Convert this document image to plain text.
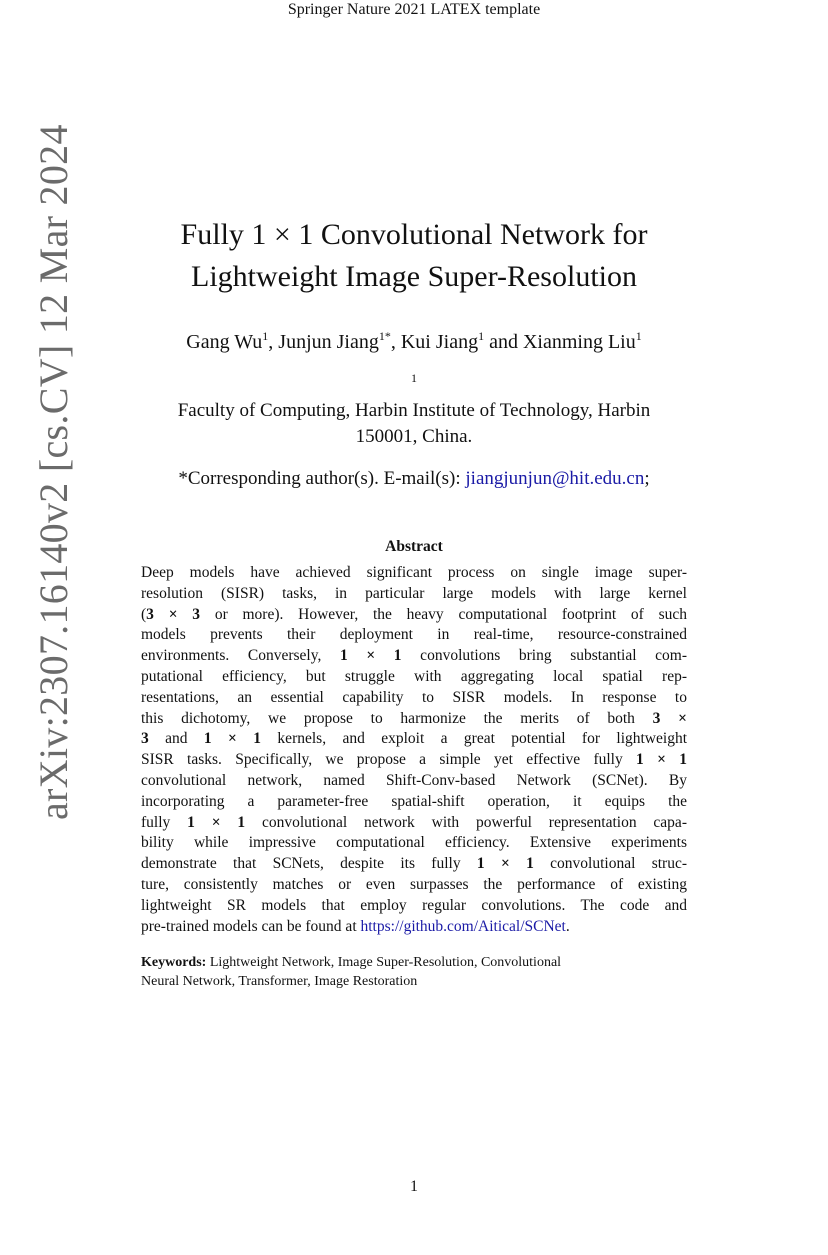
Springer Nature 2021 LATEX template
arXiv:2307.16140v2 [cs.CV] 12 Mar 2024	Fully 1 × 1 Convolutional Network for
Lightweight Image Super-Resolution
Gang Wu$^1$, Junjun Jiang$^{1*}$, Kui Jiang$^1$ and Xianming Liu$^1$
$^1$
Faculty of Computing, Harbin Institute of Technology, Harbin
150001, China.
*Corresponding author(s). E-mail(s): jiangjunjun@hit.edu.cn;
Abstract
Deep models have achieved significant process on single image super-
resolution (SISR) tasks, in particular large models with large kernel
(3 × 3 or more). However, the heavy computational footprint of such
models prevents their deployment in real-time, resource-constrained
environments. Conversely, 1 × 1 convolutions bring substantial com-
putational efficiency, but struggle with aggregating local spatial rep-
resentations, an essential capability to SISR models. In response to
this dichotomy, we propose to harmonize the merits of both 3 ×
3 and 1 × 1 kernels, and exploit a great potential for lightweight
SISR tasks. Specifically, we propose a simple yet effective fully 1 × 1
convolutional network, named Shift-Conv-based Network (SCNet). By
incorporating a parameter-free spatial-shift operation, it equips the
fully 1 × 1 convolutional network with powerful representation capa-
bility while impressive computational efficiency. Extensive experiments
demonstrate that SCNets, despite its fully 1 × 1 convolutional struc-
ture, consistently matches or even surpasses the performance of existing
lightweight SR models that employ regular convolutions. The code and
pre-trained models can be found at https://github.com/Aitical/SCNet.
Keywords: Lightweight Network, Image Super-Resolution, Convolutional
Neural Network, Transformer, Image Restoration
1
